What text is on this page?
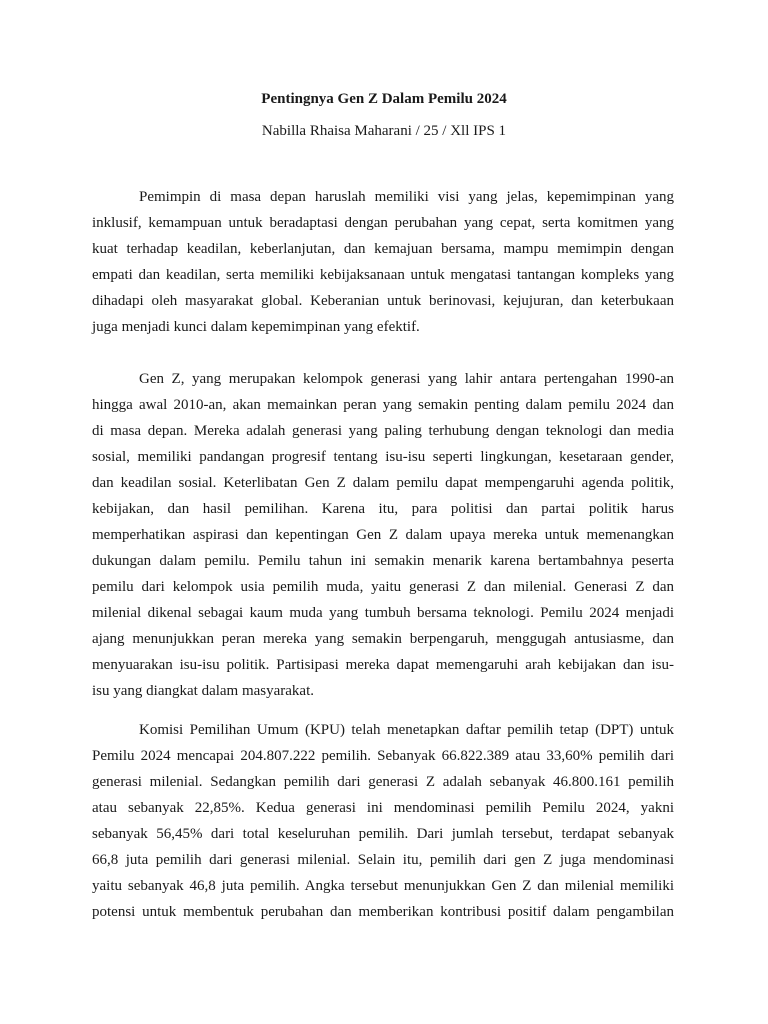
Pentingnya Gen Z Dalam Pemilu 2024
Nabilla Rhaisa Maharani / 25 / Xll IPS 1
Pemimpin di masa depan haruslah memiliki visi yang jelas, kepemimpinan yang
inklusif, kemampuan untuk beradaptasi dengan perubahan yang cepat, serta komitmen yang
kuat terhadap keadilan, keberlanjutan, dan kemajuan bersama, mampu memimpin dengan
empati dan keadilan, serta memiliki kebijaksanaan untuk mengatasi tantangan kompleks yang
dihadapi oleh masyarakat global. Keberanian untuk berinovasi, kejujuran, dan keterbukaan
juga menjadi kunci dalam kepemimpinan yang efektif.
Gen Z, yang merupakan kelompok generasi yang lahir antara pertengahan 1990-an
hingga awal 2010-an, akan memainkan peran yang semakin penting dalam pemilu 2024 dan
di masa depan. Mereka adalah generasi yang paling terhubung dengan teknologi dan media
sosial, memiliki pandangan progresif tentang isu-isu seperti lingkungan, kesetaraan gender,
dan keadilan sosial. Keterlibatan Gen Z dalam pemilu dapat mempengaruhi agenda politik,
kebijakan, dan hasil pemilihan. Karena itu, para politisi dan partai politik harus
memperhatikan aspirasi dan kepentingan Gen Z dalam upaya mereka untuk memenangkan
dukungan dalam pemilu. Pemilu tahun ini semakin menarik karena bertambahnya peserta
pemilu dari kelompok usia pemilih muda, yaitu generasi Z dan milenial. Generasi Z dan
milenial dikenal sebagai kaum muda yang tumbuh bersama teknologi. Pemilu 2024 menjadi
ajang menunjukkan peran mereka yang semakin berpengaruh, menggugah antusiasme, dan
menyuarakan isu-isu politik. Partisipasi mereka dapat memengaruhi arah kebijakan dan isu-
isu yang diangkat dalam masyarakat.
Komisi Pemilihan Umum (KPU) telah menetapkan daftar pemilih tetap (DPT) untuk
Pemilu 2024 mencapai 204.807.222 pemilih. Sebanyak 66.822.389 atau 33,60% pemilih dari
generasi milenial. Sedangkan pemilih dari generasi Z adalah sebanyak 46.800.161 pemilih
atau sebanyak 22,85%. Kedua generasi ini mendominasi pemilih Pemilu 2024, yakni
sebanyak 56,45% dari total keseluruhan pemilih. Dari jumlah tersebut, terdapat sebanyak
66,8 juta pemilih dari generasi milenial. Selain itu, pemilih dari gen Z juga mendominasi
yaitu sebanyak 46,8 juta pemilih. Angka tersebut menunjukkan Gen Z dan milenial memiliki
potensi untuk membentuk perubahan dan memberikan kontribusi positif dalam pengambilan
